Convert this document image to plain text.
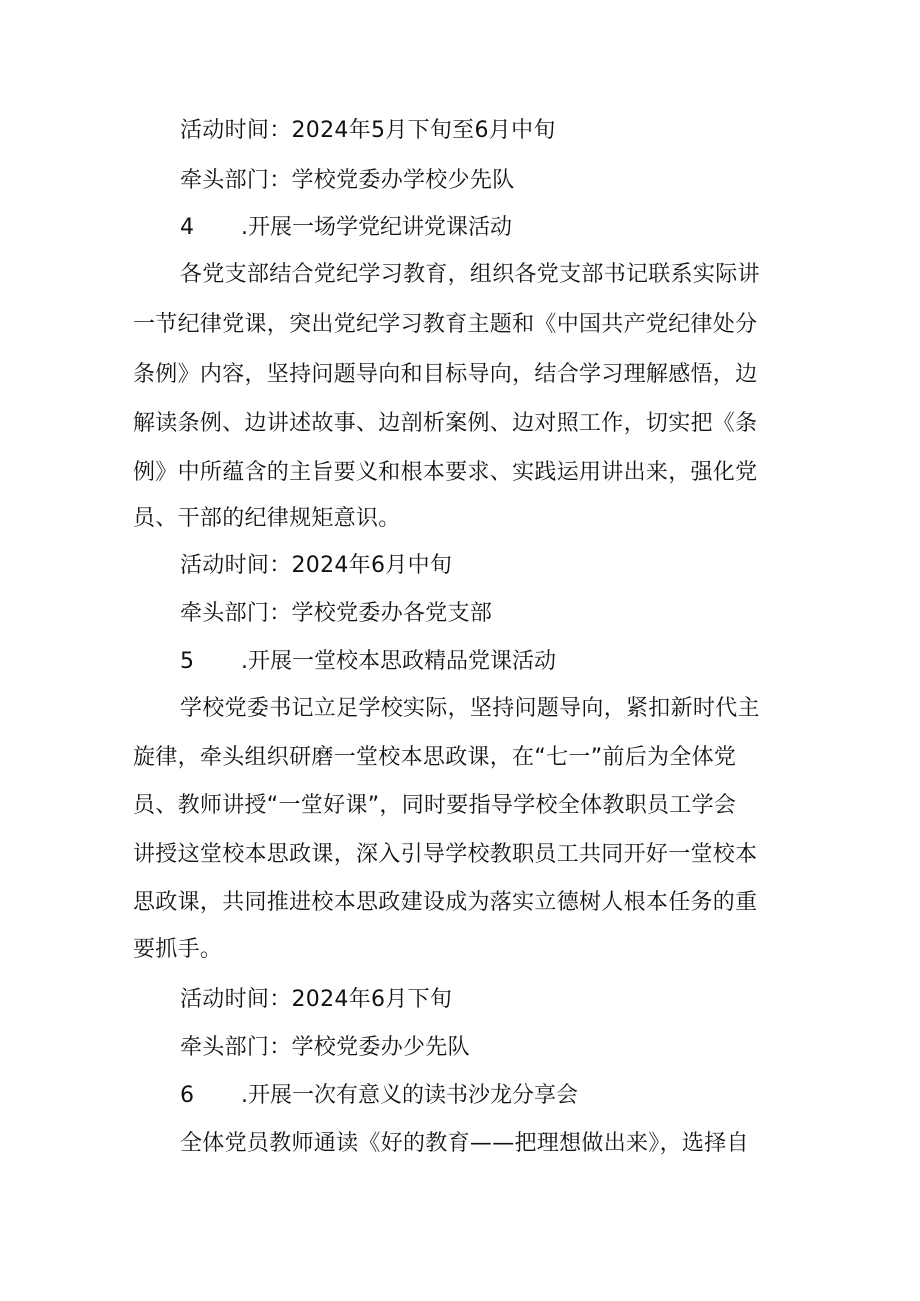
活动时间：2024年5月下旬至6月中旬
牵头部门：学校党委办学校少先队
4 .开展一场学党纪讲党课活动
各党支部结合党纪学习教育，组织各党支部书记联系实际讲
一节纪律党课，突出党纪学习教育主题和《中国共产党纪律处分
条例》内容，坚持问题导向和目标导向，结合学习理解感悟，边
解读条例、边讲述故事、边剖析案例、边对照工作，切实把《条
例》中所蕴含的主旨要义和根本要求、实践运用讲出来，强化党
员、干部的纪律规矩意识。
活动时间：2024年6月中旬
牵头部门：学校党委办各党支部
5 .开展一堂校本思政精品党课活动
学校党委书记立足学校实际，坚持问题导向，紧扣新时代主
旋律，牵头组织研磨一堂校本思政课，在“七一”前后为全体党
员、教师讲授“一堂好课”，同时要指导学校全体教职员工学会
讲授这堂校本思政课，深入引导学校教职员工共同开好一堂校本
思政课，共同推进校本思政建设成为落实立德树人根本任务的重
要抓手。
活动时间：2024年6月下旬
牵头部门：学校党委办少先队
6 .开展一次有意义的读书沙龙分享会
全体党员教师通读《好的教育——把理想做出来》，选择自
